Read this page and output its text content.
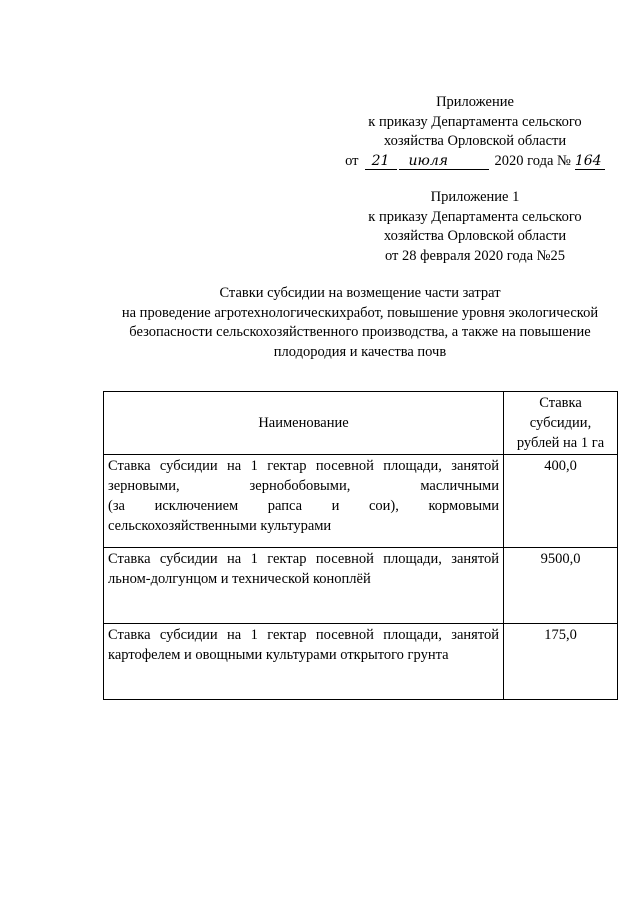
Приложение
к приказу Департамента сельского
хозяйства Орловской области
от 21	июля	2020 года № 164
Приложение 1
к приказу Департамента сельского
хозяйства Орловской области
от 28 февраля 2020 года №25
Ставки субсидии на возмещение части затрат
на проведение агротехнологическихработ, повышение уровня экологической
безопасности сельскохозяйственного производства, а также на повышение
плодородия и качества почв
Наименование	Ставка
субсидии,
рублей на 1 га

Ставка субсидии на 1 гектар посевной площади, занятой
зерновыми, зернобобовыми, масличными
(за исключением рапса и сои), кормовыми
сельскохозяйственными культурами	400,0

Ставка субсидии на 1 гектар посевной площади, занятой
льном-долгунцом и технической коноплёй	9500,0

Ставка субсидии на 1 гектар посевной площади, занятой
картофелем и овощными культурами открытого грунта	175,0
